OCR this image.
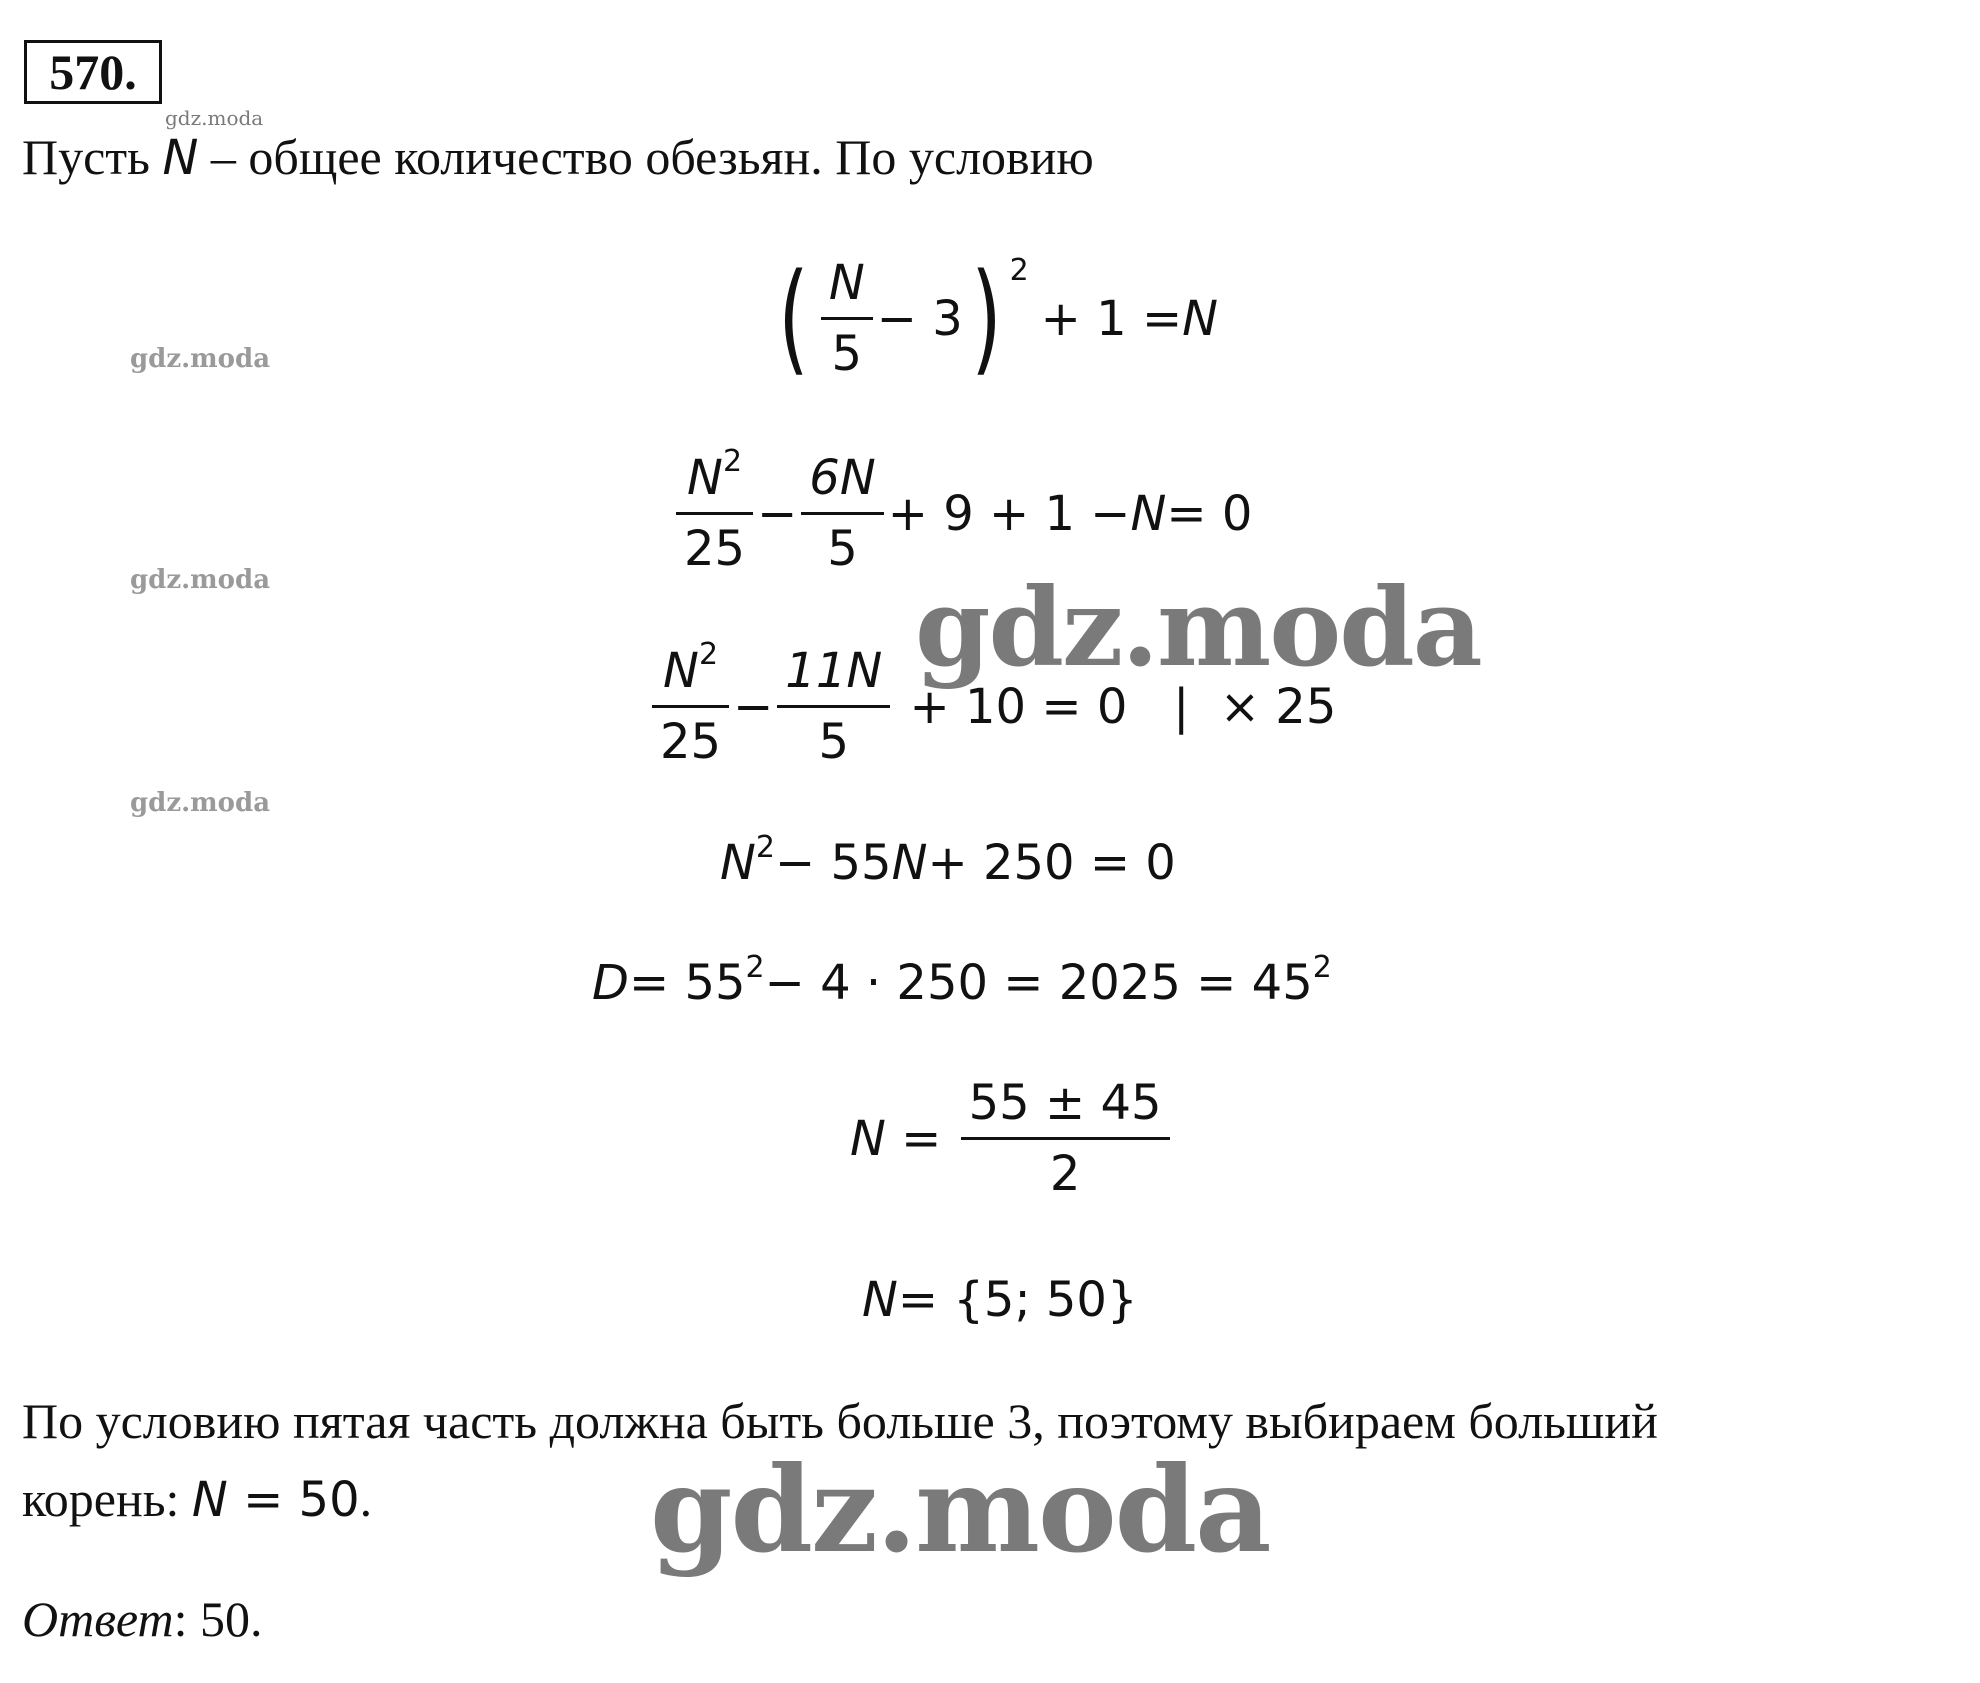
570.
gdz.moda
Пусть N – общее количество обезьян. По условию
( $\frac{N}{5} - 3$ ) $^2$
+ 1 = N
$\frac{N^2}{25} - \frac{6N}{5} + 9 + 1 - N = 0$
$\frac{N^2}{25} - \frac{11N}{5} + 10 = 0$   |  × 25
$N^2 - 55$ N + 250 = 0
$D = 55^2 - 4 \cdot 250 = 2025 = 45^2$
$N = \frac{55 \pm 45}{2}$
N = {5; 50}
По условию пятая часть должна быть больше 3, поэтому выбираем больший
корень: N = 50.
Ответ: 50.
gdz.moda
gdz.moda
gdz.moda
gdz.moda
gdz.moda
